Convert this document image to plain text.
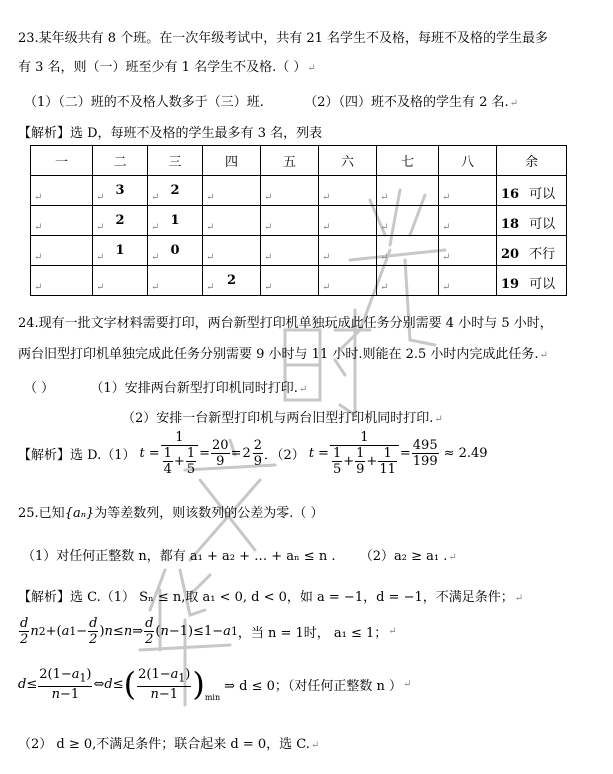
23.某年级共有 8 个班。在一次年级考试中，共有 21 名学生不及格，每班不及格的学生最多
有 3 名，则（一）班至少有 1 名学生不及格.（ ）↵
（1）（二）班的不及格人数多于（三）班.	（2）（四）班不及格的学生有 2 名.↵
【解析】选 D，每班不及格的学生最多有 3 名，列表
一	二	三	四	五	六	七	八	余

↵	↵ 3	↵ 2	↵	↵	↵	↵	↵	16 可以

↵	↵ 2	↵ 1	↵	↵	↵	↵	↵	18 可以

↵	↵ 1	↵ 0	↵	↵	↵	↵	↵	20 不行

↵	↵	↵	↵ 2	↵	↵	↵	↵	19 可以
24.现有一批文字材料需要打印，两台新型打印机单独玩成此任务分别需要 4 小时与 5 小时，
两台旧型打印机单独完成此任务分别需要 9 小时与 11 小时.则能在 2.5 小时内完成此任务.↵
（ ）	（1）安排两台新型打印机同时打印.↵
（2）安排一台新型打印机与两台旧型打印机同时打印.↵
【解析】选 D.（1） $t = \frac{1}{\frac{1}{4} + \frac{1}{5}} = \frac{20}{9} = 2 \frac{2}{9}$ ．（2） $t = \frac{1}{\frac{1}{5} + \frac{1}{9} + \frac{1}{11}} = \frac{495}{199} \approx 2.49$
25.已知{aₙ}为等差数列，则该数列的公差为零.（ ）
（1）对任何正整数 n，都有 a₁ + a₂ + … + aₙ ≤ n . （2）a₂ ≥ a₁ .↵
【解析】选 C.（1） Sₙ ≤ n,取 a₁ < 0, d < 0，如 a = −1，d = −1，不满足条件；↵
$\frac{d}{2}$ n 2 +( a $1 - \frac{d}{2}$ ) n ≤ n ⇒ $\frac{d}{2}$ ( n −1)≤1− a 1 ，当 n = 1时， a₁ ≤ 1； ↵
$d \le \frac{2(1-a_1)}{n-1}$ ⇔ d ≤ ( $\frac{2(1-a_1)}{n-1}$ ) min
⇒ d ≤ 0；（对任何正整数 n ） ↵
（2） d ≥ 0,不满足条件；联合起来 d = 0，选 C.↵
